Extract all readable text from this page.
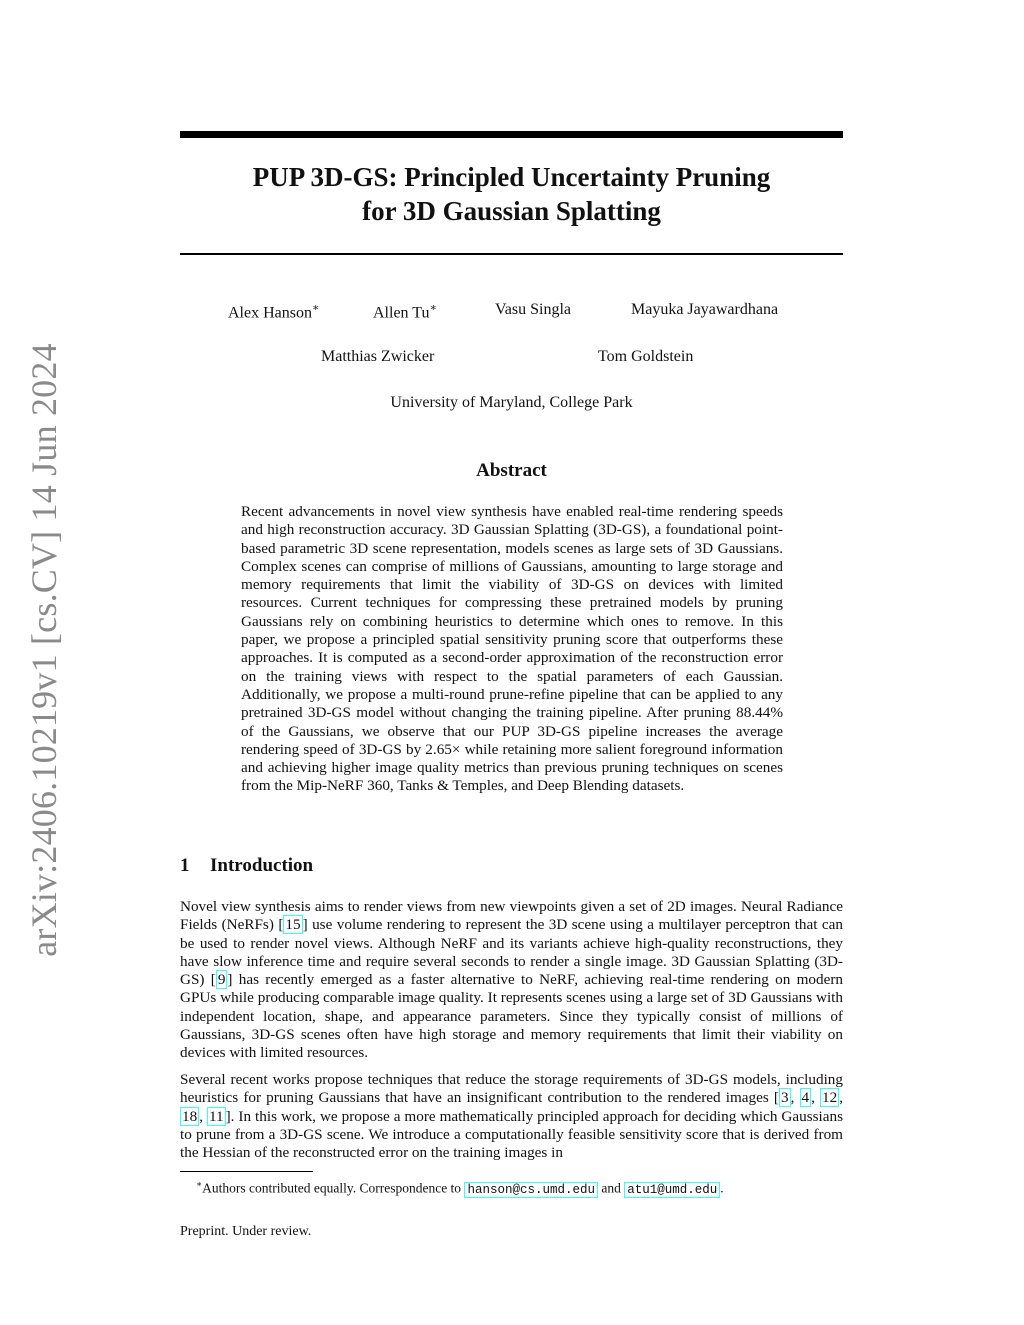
arXiv:2406.10219v1 [cs.CV] 14 Jun 2024
PUP 3D-GS: Principled Uncertainty Pruning
for 3D Gaussian Splatting
Alex Hanson∗	Allen Tu∗	Vasu Singla	Mayuka Jayawardhana
Matthias Zwicker	Tom Goldstein
University of Maryland, College Park
Abstract

Recent advancements in novel view synthesis have enabled real-time rendering speeds and high reconstruction accuracy. 3D Gaussian Splatting (3D-GS), a foundational point-based parametric 3D scene representation, models scenes as large sets of 3D Gaussians. Complex scenes can comprise of millions of Gaussians, amounting to large storage and memory requirements that limit the viability of 3D-GS on devices with limited resources. Current techniques for compressing these pretrained models by pruning Gaussians rely on combining heuristics to determine which ones to remove. In this paper, we propose a principled spatial sensitivity pruning score that outperforms these approaches. It is computed as a second-order approximation of the reconstruction error on the training views with respect to the spatial parameters of each Gaussian. Additionally, we propose a multi-round prune-refine pipeline that can be applied to any pretrained 3D-GS model without changing the training pipeline. After pruning 88.44% of the Gaussians, we observe that our PUP 3D-GS pipeline increases the average rendering speed of 3D-GS by 2.65× while retaining more salient foreground information and achieving higher image quality metrics than previous pruning techniques on scenes from the Mip-NeRF 360, Tanks & Temples, and Deep Blending datasets.

1 Introduction

Novel view synthesis aims to render views from new viewpoints given a set of 2D images. Neural Radiance Fields (NeRFs) [ 15 ] use volume rendering to represent the 3D scene using a multilayer perceptron that can be used to render novel views. Although NeRF and its variants achieve high-quality reconstructions, they have slow inference time and require several seconds to render a single image. 3D Gaussian Splatting (3D-GS) [ 9 ] has recently emerged as a faster alternative to NeRF, achieving real-time rendering on modern GPUs while producing comparable image quality. It represents scenes using a large set of 3D Gaussians with independent location, shape, and appearance parameters. Since they typically consist of millions of Gaussians, 3D-GS scenes often have high storage and memory requirements that limit their viability on devices with limited resources.

Several recent works propose techniques that reduce the storage requirements of 3D-GS models, including heuristics for pruning Gaussians that have an insignificant contribution to the rendered images [ 3 , 4 , 12 , 18 , 11 ]. In this work, we propose a more mathematically principled approach for deciding which Gaussians to prune from a 3D-GS scene. We introduce a computationally feasible sensitivity score that is derived from the Hessian of the reconstructed error on the training images in

∗Authors contributed equally. Correspondence to hanson@cs.umd.edu and atu1@umd.edu .
Preprint. Under review.
